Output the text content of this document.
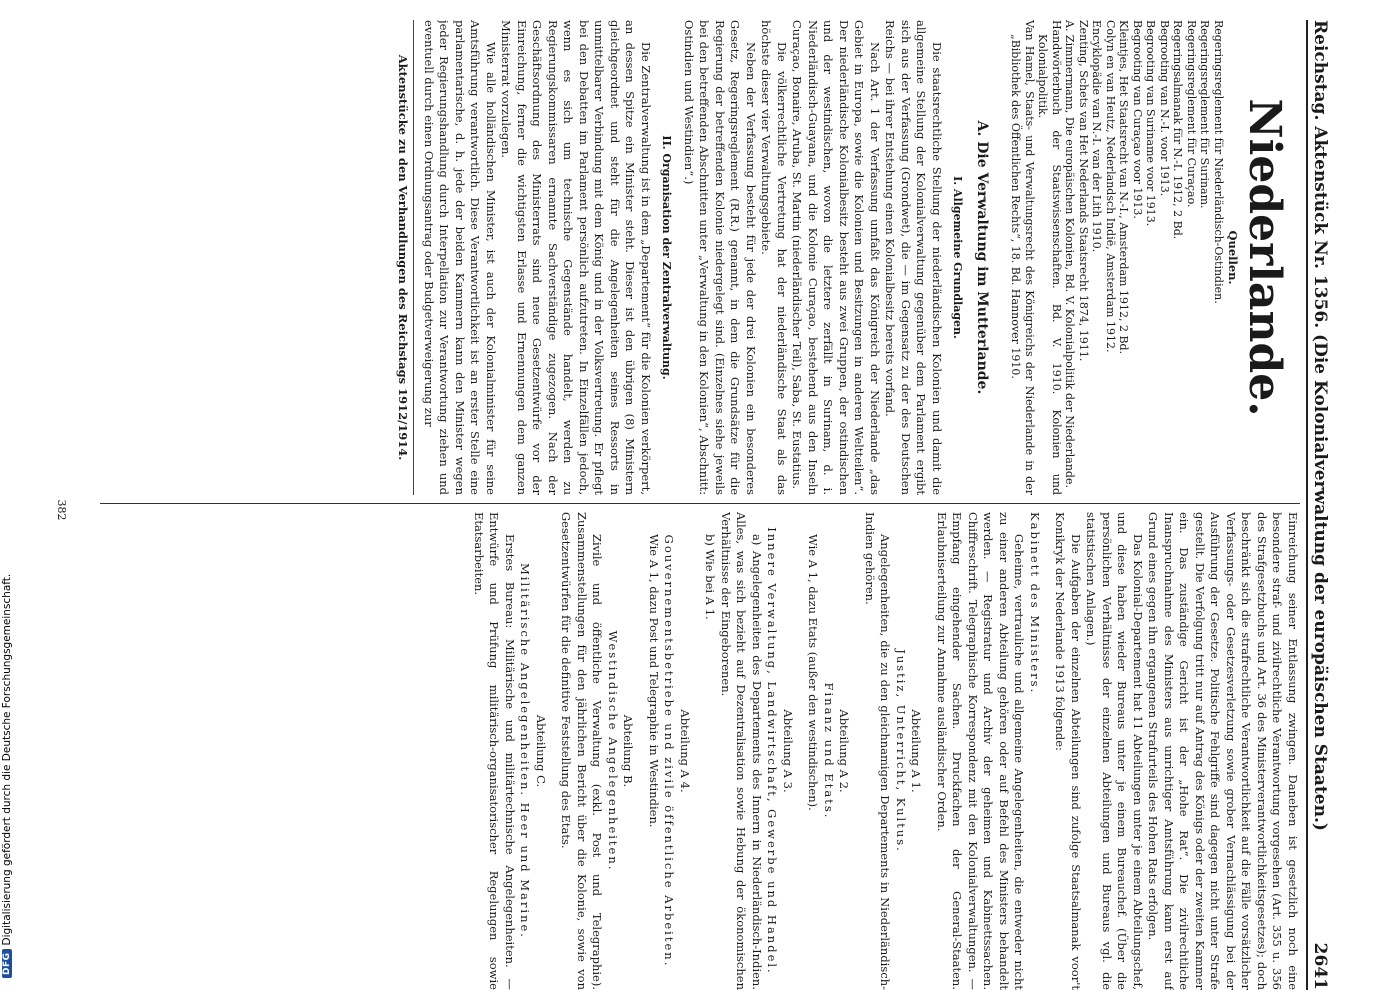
Reichstag. Aktenstück Nr. 1356. (Die Kolonialverwaltung der europäischen Staaten.)
2641
Niederlande.
Quellen.

Regeringsreglement für Niederländisch-Ostindien.

Regeringsreglement für Surinam.

Regeringsreglement für Curaçao.

Regeringsalmanak für N.-I. 1912, 2 Bd.

Begrooting van N.-I. voor 1913.

Begrooting van Suriname voor 1913.

Begrooting van Curaçao voor 1913.

Kleintjes, Het Staatsrecht van N.-I., Amsterdam 1912, 2 Bd.

Colyn en van Heutz, Nederlandsch Indië, Amsterdam 1912.

Encyklopädie van N.-I. van der Lith 1910.

Zenting, Schets van Het Nederlands Staatsrecht 1874, 1911.

A. Zimmermann, Die europäischen Kolonien, Bd. V. Kolonialpolitik der Niederlande.

Handwörterbuch der Staatswissenschaften. Bd. V. 1910. Kolonien und Kolonialpolitik.

Van Hamel, Staats- und Verwaltungsrecht des Königreichs der Niederlande in der „Bibliothek des Öffentlichen Rechts“, 18. Bd. Hannover 1910.

A. Die Verwaltung im Mutterlande.
I. Allgemeine Grundlagen.

Die staatsrechtliche Stellung der niederländischen Kolonien und damit die allgemeine Stellung der Kolonialverwaltung gegenüber dem Parlament ergibt sich aus der Verfassung (Grondwet), die — im Gegensatz zu der des Deutschen Reichs — bei ihrer Entstehung einen Kolonialbesitz bereits vorfand.

Nach Art. 1 der Verfassung umfaßt das Königreich der Niederlande „das Gebiet in Europa, sowie die Kolonien und Besitzungen in anderen Weltteilen“. Der niederländische Kolonialbesitz besteht aus zwei Gruppen, der ostindischen und der westindischen, wovon die letztere zerfällt in Surinam, d. i. Niederländisch-Guayana, und die Kolonie Curaçao, bestehend aus den Inseln Curaçao, Bonaire, Aruba, St. Martin (niederländischer Teil), Saba, St. Eustatius.

Die völkerrechtliche Vertretung hat der niederländische Staat als das höchste dieser vier Verwaltungsgebiete.

Neben der Verfassung besteht für jede der drei Kolonien ein besonderes Gesetz, Regeringsreglement (R.R.) genannt, in dem die Grundsätze für die Regierung der betreffenden Kolonie niedergelegt sind. (Einzelnes siehe jeweils bei den betreffenden Abschnitten unter „Verwaltung in den Kolonien“, Abschnitt: Ostindien und Westindien“.)

II. Organisation der Zentralverwaltung.

Die Zentralverwaltung ist in dem „Departement“ für die Kolonien verkörpert, an dessen Spitze ein Minister steht. Dieser ist den übrigen (8) Ministern gleichgeordnet und steht für die Angelegenheiten seines Ressorts in unmittelbarer Verbindung mit dem König und in der Volksvertretung. Er pflegt bei den Debatten im Parlament persönlich aufzutreten. In Einzelfällen jedoch, wenn es sich um technische Gegenstände handelt, werden zu Regierungskommissaren ernannte Sachverständige zugezogen. Nach der Geschäftsordnung des Ministerrats sind neue Gesetzentwürfe vor der Einreichung, ferner die wichtigsten Erlasse und Ernennungen dem ganzen Ministerrat vorzulegen.

Wie alle holländischen Minister, ist auch der Kolonialminister für seine Amtsführung verantwortlich. Diese Verantwortlichkeit ist an erster Stelle eine parlamentarische, d. h. jede der beiden Kammern kann den Minister wegen jeder Regierungshandlung durch Interpellation zur Verantwortung ziehen und eventuell durch einen Ordnungsantrag oder Budgetverweigerung zur

Aktenstücke zu den Verhandlungen des Reichstags 1912/1914.

Einreichung seiner Entlassung zwingen. Daneben ist gesetzlich noch eine besondere straf- und zivilrechtliche Verantwortung vorgesehen (Art. 355 u. 356 des Strafgesetzbuchs und Art. 36 des Ministerverantwortlichkeitsgesetzes); doch beschränkt sich die strafrechtliche Verantwortlichkeit auf die Fälle vorsätzlicher Verfassungs- oder Gesetzesverletzung sowie grober Vernachlässigung bei der Ausführung der Gesetze. Politische Fehlgriffe sind dagegen nicht unter Strafe gestellt. Die Verfolgung tritt nur auf Antrag des Königs oder der zweiten Kammer ein. Das zuständige Gericht ist der „Hohe Rat“. Die zivilrechtliche Inanspruchnahme des Ministers aus unrichtiger Amtsführung kann erst auf Grund eines gegen ihn ergangenen Strafurteils des Hohen Rats erfolgen.

Das Kolonial-Departement hat 11 Abteilungen unter je einem Abteilungschef, und diese haben wieder Bureaus unter je einem Bureauchef. (Über die persönlichen Verhältnisse der einzelnen Abteilungen und Bureaus vgl. die statistischen Anlagen.)

Die Aufgaben der einzelnen Abteilungen sind zufolge Staatsalmanak voor't Konikryk der Nederlande 1913 folgende:

Kabinett des Ministers.

Geheime, vertrauliche und allgemeine Angelegenheiten, die entweder nicht zu einer anderen Abteilung gehören oder auf Befehl des Ministers behandelt werden. — Registratur und Archiv der geheimen und Kabinettssachen. Chiffreschrift. Telegraphische Korrespondenz mit den Kolonialverwaltungen. — Empfang eingehender Sachen. Druckfachen der General-Staaten. Erlaubniserteilung zur Annahme ausländischer Orden.

Abteilung A 1.

Justiz, Unterricht, Kultus.

Angelegenheiten, die zu den gleichnamigen Departements in Niederländisch-Indien gehören.

Abteilung A 2.

Finanz und Etats.

Wie A 1, dazu Etats (außer den westindischen).

Abteilung A 3.

Innere Verwaltung, Landwirtschaft, Gewerbe und Handel.

a) Angelegenheiten des Departements des Innern in Niederländisch-Indien. Alles, was sich bezieht auf Dezentralisation sowie Hebung der ökonomischen Verhältnisse der Eingeborenen.

b) Wie bei A 1.

Abteilung A 4.

Gouvernementsbetriebe und zivile öffentliche Arbeiten.

Wie A 1, dazu Post und Telegraphie in Westindien.

Abteilung B.

Westindische Angelegenheiten.

Zivile und öffentliche Verwaltung (exkl. Post und Telegraphie). Zusammenstellungen für den jährlichen Bericht über die Kolonie, sowie von Gesetzentwürfen für die definitive Feststellung des Etats.

Abteilung C.

Militärische Angelegenheiten. Heer und Marine.

Erstes Bureau: Militärische und militärtechnische Angelegenheiten. — Entwürfe und Prüfung militärisch-organisatorischer Regelungen sowie Etatsarbeiten.

382
DFG
Digitalisierung gefördert durch die Deutsche Forschungsgemeinschaft.
